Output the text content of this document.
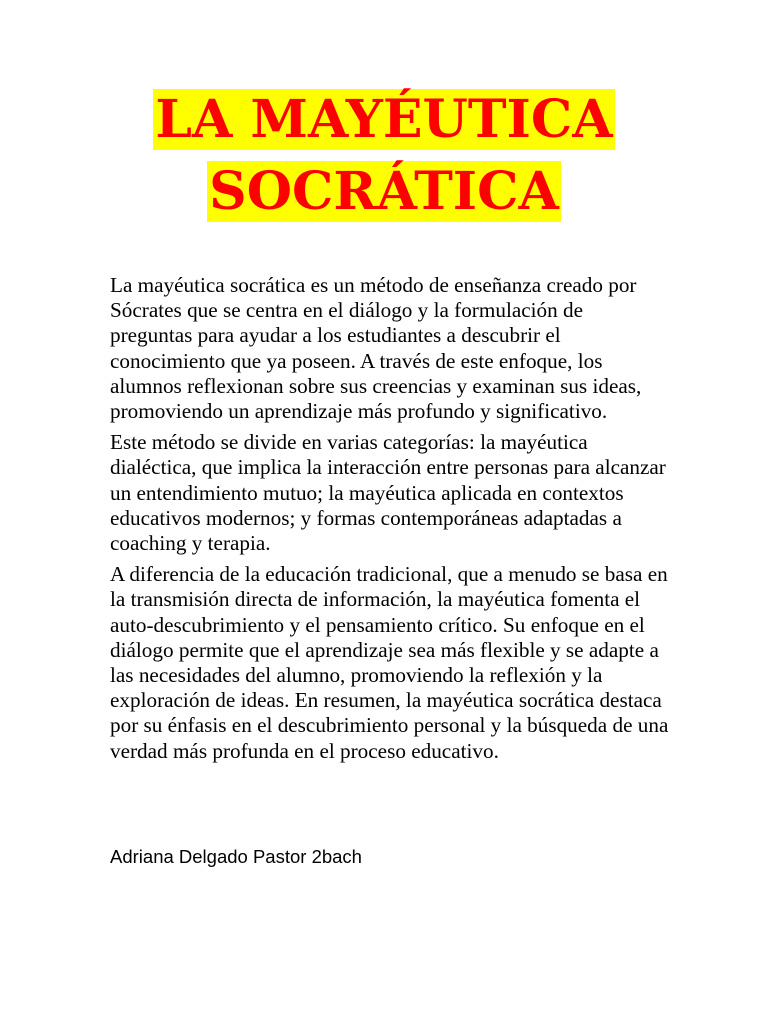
LA MAYÉUTICA
SOCRÁTICA

La mayéutica socrática es un método de enseñanza creado por Sócrates que se centra en el diálogo y la formulación de preguntas para ayudar a los estudiantes a descubrir el conocimiento que ya poseen. A través de este enfoque, los alumnos reflexionan sobre sus creencias y examinan sus ideas, promoviendo un aprendizaje más profundo y significativo.

Este método se divide en varias categorías: la mayéutica dialéctica, que implica la interacción entre personas para alcanzar un entendimiento mutuo; la mayéutica aplicada en contextos educativos modernos; y formas contemporáneas adaptadas a coaching y terapia.

A diferencia de la educación tradicional, que a menudo se basa en la transmisión directa de información, la mayéutica fomenta el auto-descubrimiento y el pensamiento crítico. Su enfoque en el diálogo permite que el aprendizaje sea más flexible y se adapte a las necesidades del alumno, promoviendo la reflexión y la exploración de ideas. En resumen, la mayéutica socrática destaca por su énfasis en el descubrimiento personal y la búsqueda de una verdad más profunda en el proceso educativo.

Adriana Delgado Pastor 2bach
